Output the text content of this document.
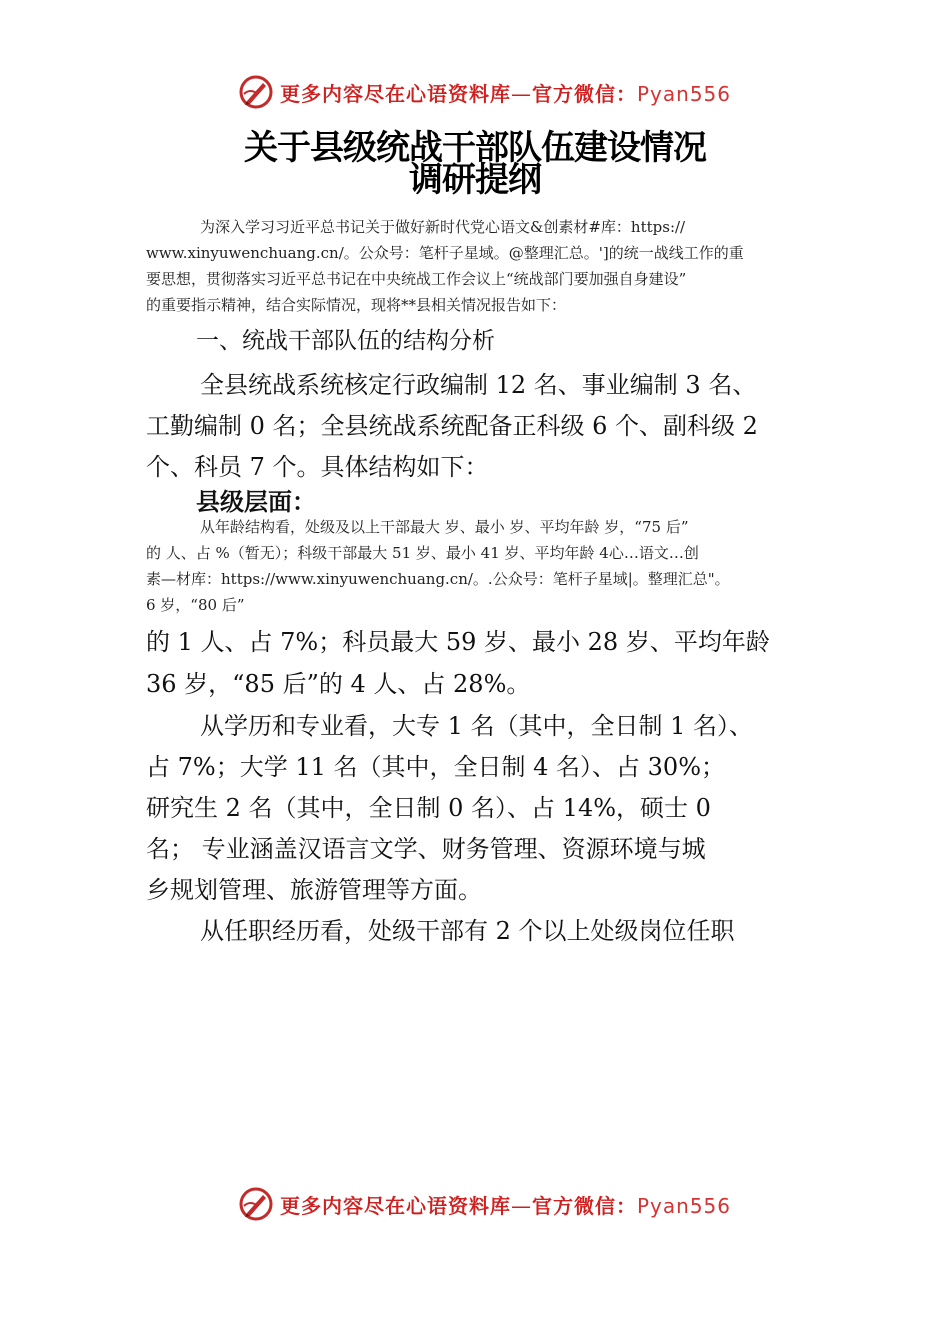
更多内容尽在心语资料库—官方微信：Pyan556
关于县级统战干部队伍建设情况
调研提纲
为深入学习习近平总书记关于做好新时代党心语文&创素材#库：https://
www.xinyuwenchuang.cn/。公众号：笔杆子星域。@整理汇总。']的统一战线工作的重
要思想，贯彻落实习近平总书记在中央统战工作会议上“统战部门要加强自身建设”
的重要指示精神，结合实际情况，现将**县相关情况报告如下：
一、统战干部队伍的结构分析
全县统战系统核定行政编制 12 名、事业编制 3 名、
工勤编制 0 名；全县统战系统配备正科级 6 个、副科级 2
个、科员 7 个。具体结构如下：
县级层面：
从年龄结构看，处级及以上干部最大 岁、最小 岁、平均年龄 岁，“75 后”
的 人、占 %（暂无）；科级干部最大 51 岁、最小 41 岁、平均年龄 4心…语文…创
素—材库：https://www.xinyuwenchuang.cn/。.公众号：笔杆子星域|。整理汇总"。
6 岁，“80 后”
的 1 人、占 7%；科员最大 59 岁、最小 28 岁、平均年龄
36 岁，“85 后”的 4 人、占 28%。
从学历和专业看，大专 1 名（其中，全日制 1 名）、
占 7%；大学 11 名（其中，全日制 4 名）、占 30%；
研究生 2 名（其中，全日制 0 名）、占 14%，硕士 0
名； 专业涵盖汉语言文学、财务管理、资源环境与城
乡规划管理、旅游管理等方面。
从任职经历看，处级干部有 2 个以上处级岗位任职
更多内容尽在心语资料库—官方微信：Pyan556
